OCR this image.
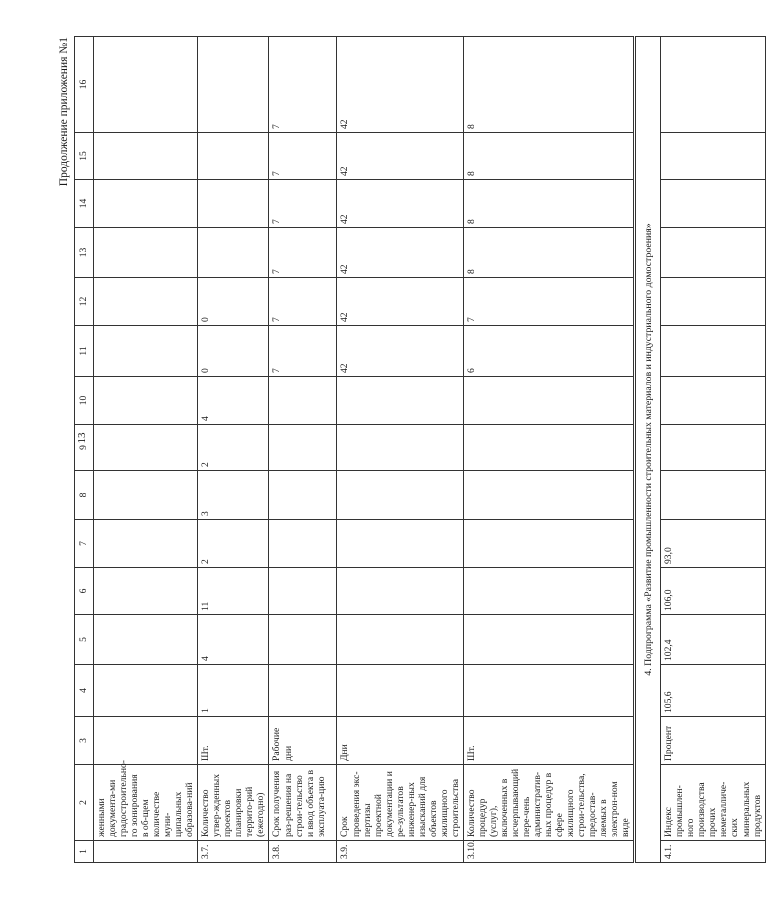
13
Продолжение приложения №1
1	2	3	4	5	6	7	8	9	10	11	12	13	14	15	16
	женными документа-ми градостроительно-го зонирования в об-щем количестве муни-ципальных образова-ний														
3.7.	Количество утвер-жденных проектов планировки террито-рий (ежегодно)	Шт.	1	4	11	2	3	2	4	0	0				
3.8.	Срок получения раз-решения на строи-тельство и ввод объекта в эксплуата-цию	Рабочие дни								7	7	7	7	7	7
3.9.	Срок проведения экс-пертизы проектной документации и ре-зультатов инженер-ных изысканий для объектов жилищного строительства	Дни								42	42	42	42	42	42
3.10.	Количество процедур (услуг), включенных в исчерпывающий пере-чень административ-ных процедур в сфере жилищного строи-тельства, предостав-ляемых в электрон-ном виде	Шт.								6	7	8	8	8	8
4. Подпрограмма «Развитие промышленности строительных материалов и индустриального домостроения»															
4.1.	Индекс промышлен-ного производства прочих неметалличе-ских минеральных продуктов	Процент	105,6	102,4	106,0	93,0									
